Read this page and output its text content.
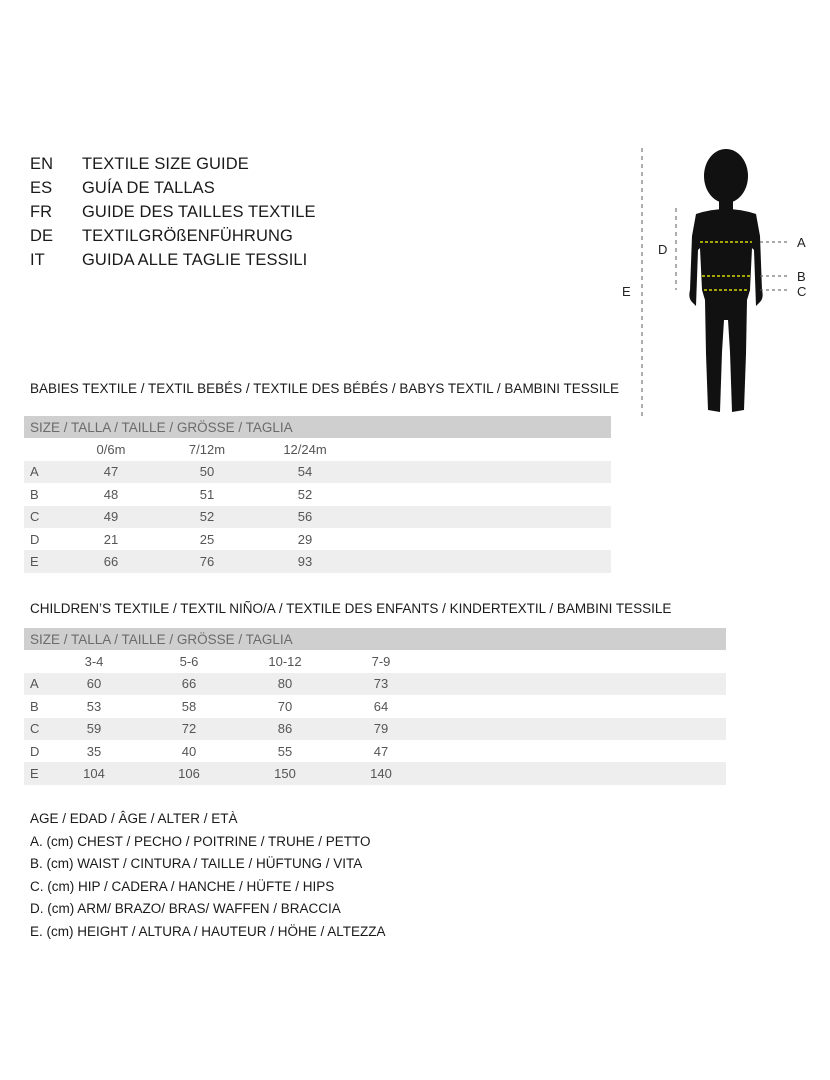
EN	TEXTILE SIZE GUIDE
ES	GUÍA DE TALLAS
FR	GUIDE DES TAILLES TEXTILE
DE	TEXTILGRÖßENFÜHRUNG
IT	GUIDA ALLE TAGLIE TESSILI
A
B
C
D
E
BABIES TEXTILE / TEXTIL BEBÉS / TEXTILE DES BÉBÉS / BABYS TEXTIL / BAMBINI TESSILE
SIZE / TALLA / TAILLE / GRÖSSE / TAGLIA				
	0/6m	7/12m	12/24m	
A	47	50	54	
B	48	51	52	
C	49	52	56	
D	21	25	29	
E	66	76	93	
CHILDREN’S TEXTILE / TEXTIL NIÑO/A / TEXTILE DES ENFANTS / KINDERTEXTIL / BAMBINI TESSILE
SIZE / TALLA / TAILLE / GRÖSSE / TAGLIA					
	3-4	5-6	10-12	7-9	
A	60	66	80	73	
B	53	58	70	64	
C	59	72	86	79	
D	35	40	55	47	
E	104	106	150	140	
AGE / EDAD / ÂGE / ALTER / ETÀ
A. (cm) CHEST / PECHO / POITRINE / TRUHE / PETTO
B. (cm) WAIST / CINTURA / TAILLE / HÜFTUNG / VITA
C. (cm) HIP / CADERA / HANCHE / HÜFTE / HIPS
D. (cm) ARM/ BRAZO/ BRAS/ WAFFEN / BRACCIA
E. (cm) HEIGHT / ALTURA / HAUTEUR / HÖHE / ALTEZZA
